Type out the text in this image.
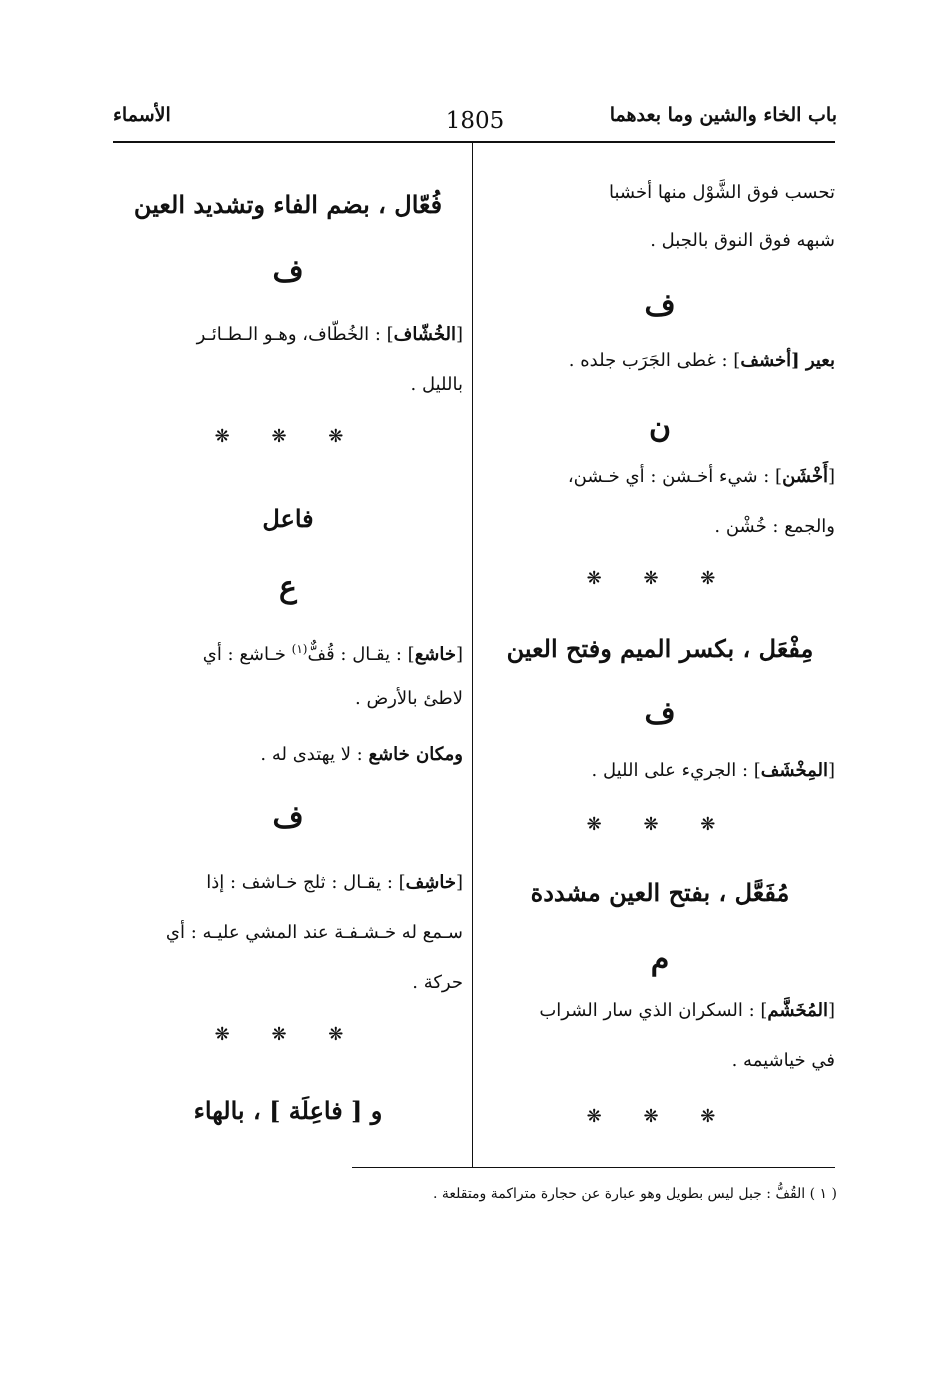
باب الخاء والشين وما بعدهما
1805
الأسماء
تحسب فوق الشَّوْل منها أخشبا
شبهه فوق النوق بالجبل .
ف
بعير [أخشف] : غطى الجَرَب جلده .
ن
[أَخْشَن] : شيء أخـشن : أي خـشن،
والجمع : خُشْن .
❋ ❋ ❋
مِفْعَل ، بكسر الميم وفتح العين
ف
[المِخْشَف] : الجريء على الليل .
❋ ❋ ❋
مُفَعَّل ، بفتح العين مشددة
م
[المُخَشَّم] : السكران الذي سار الشراب
في خياشيمه .
❋ ❋ ❋
فُعّال ، بضم الفاء وتشديد العين
ف
[الخُشّاف] : الخُطّاف، وهـو الـطـائـر
بالليل .
❋ ❋ ❋
فاعل
ع
[خاشع] : يقـال : قُفٌّ$^{(١)}$ خـاشع : أي
لاطئ بالأرض .
ومكان خاشع : لا يهتدى له .
ف
[خاشِف] : يقـال : ثلج خـاشف : إذا
سـمع له خـشـفـة عند المشي عليـه : أي
حركة .
❋ ❋ ❋
و [ فاعِلَة ] ، بالهاء
( ١ ) القُفُّ : جبل ليس بطويل وهو عبارة عن حجارة متراكمة ومتقلعة .
